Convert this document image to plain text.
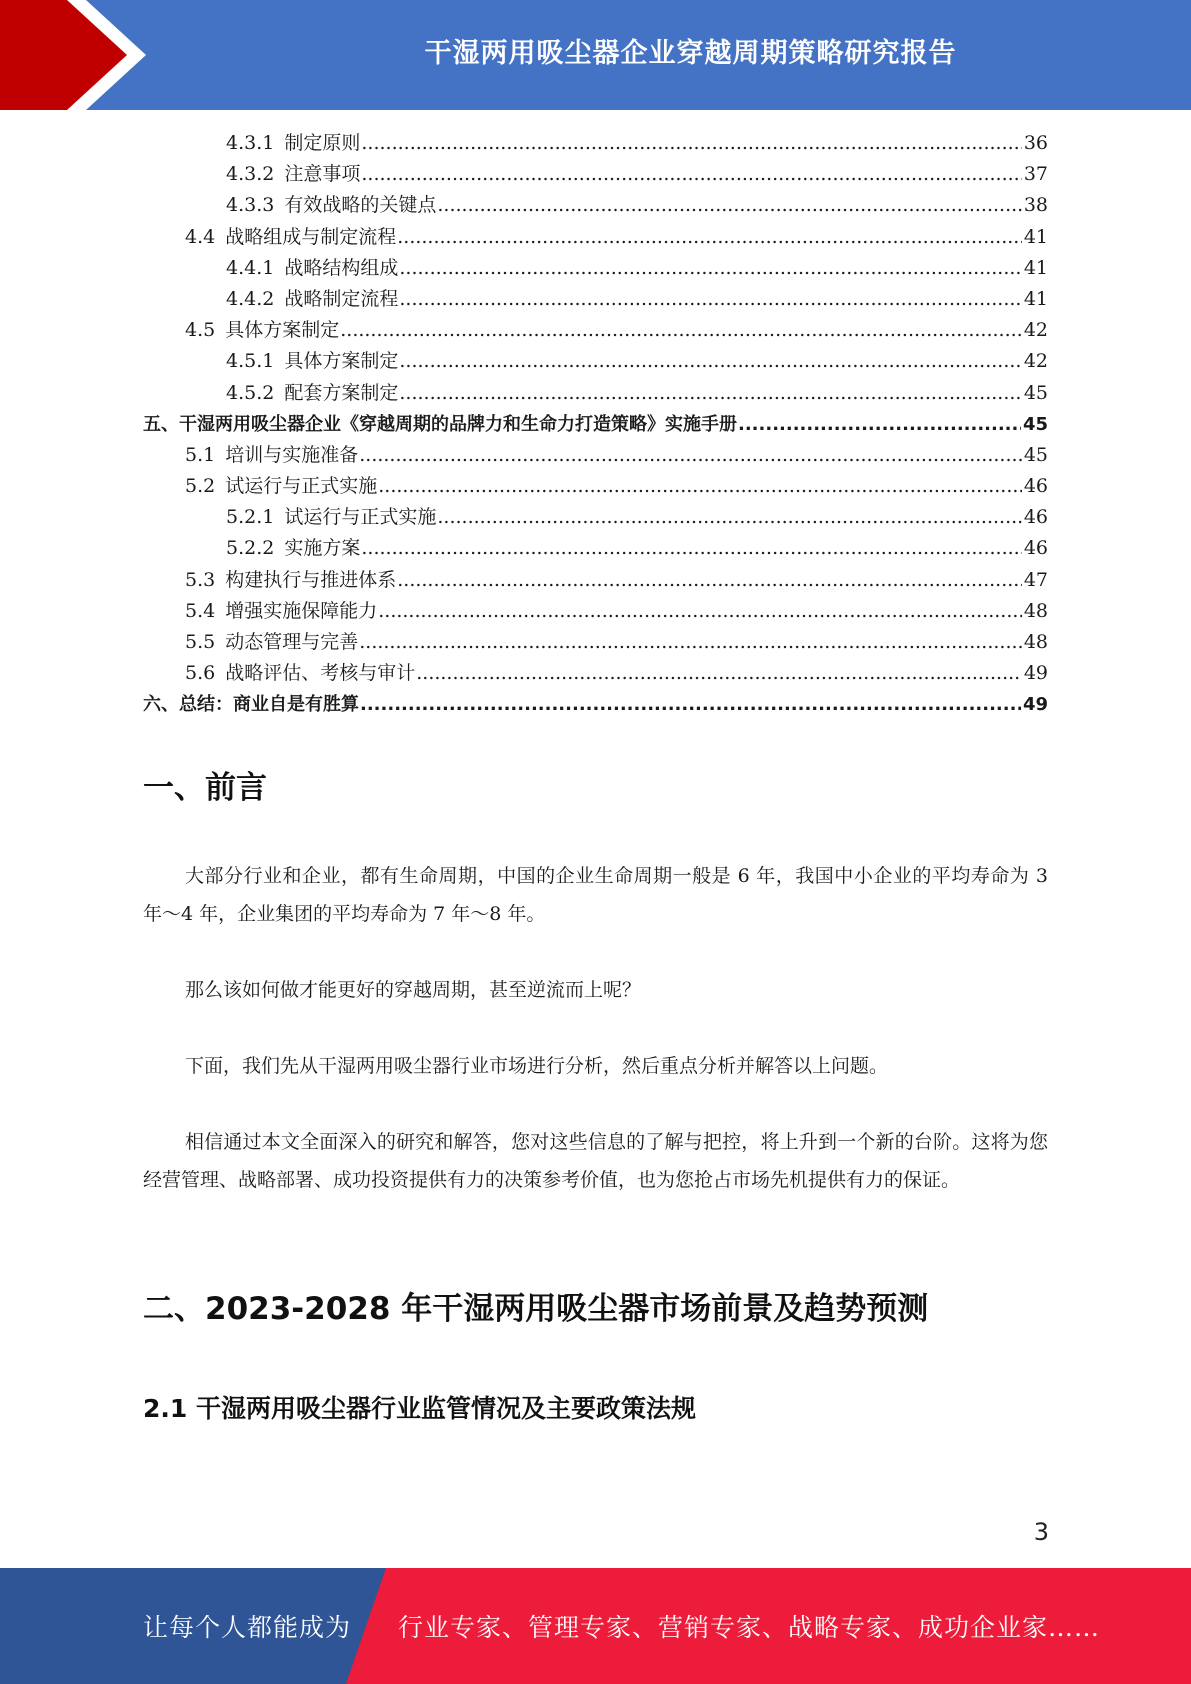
干湿两用吸尘器企业穿越周期策略研究报告
4.3.1 制定原则 .....	36
4.3.2 注意事项 .....	37
4.3.3 有效战略的关键点 .....	38
4.4 战略组成与制定流程 .....	41
4.4.1 战略结构组成 .....	41
4.4.2 战略制定流程 .....	41
4.5 具体方案制定 .....	42
4.5.1 具体方案制定 .....	42
4.5.2 配套方案制定 .....	45
五、干湿两用吸尘器企业《穿越周期的品牌力和生命力打造策略》实施手册 .....	45
5.1 培训与实施准备 .....	45
5.2 试运行与正式实施 .....	46
5.2.1 试运行与正式实施 .....	46
5.2.2 实施方案 .....	46
5.3 构建执行与推进体系 .....	47
5.4 增强实施保障能力 .....	48
5.5 动态管理与完善 .....	48
5.6 战略评估、考核与审计 .....	49
六、总结：商业自是有胜算 .....	49
一、前言

大部分行业和企业，都有生命周期，中国的企业生命周期一般是 6 年，我国中小企业的平均寿命为 3 年～4 年，企业集团的平均寿命为 7 年～8 年。

那么该如何做才能更好的穿越周期，甚至逆流而上呢？

下面，我们先从干湿两用吸尘器行业市场进行分析，然后重点分析并解答以上问题。

相信通过本文全面深入的研究和解答，您对这些信息的了解与把控，将上升到一个新的台阶。这将为您经营管理、战略部署、成功投资提供有力的决策参考价值，也为您抢占市场先机提供有力的保证。

二、2023-2028 年干湿两用吸尘器市场前景及趋势预测
2.1 干湿两用吸尘器行业监管情况及主要政策法规
3
让每个人都能成为 行业专家、管理专家、营销专家、战略专家、成功企业家……
